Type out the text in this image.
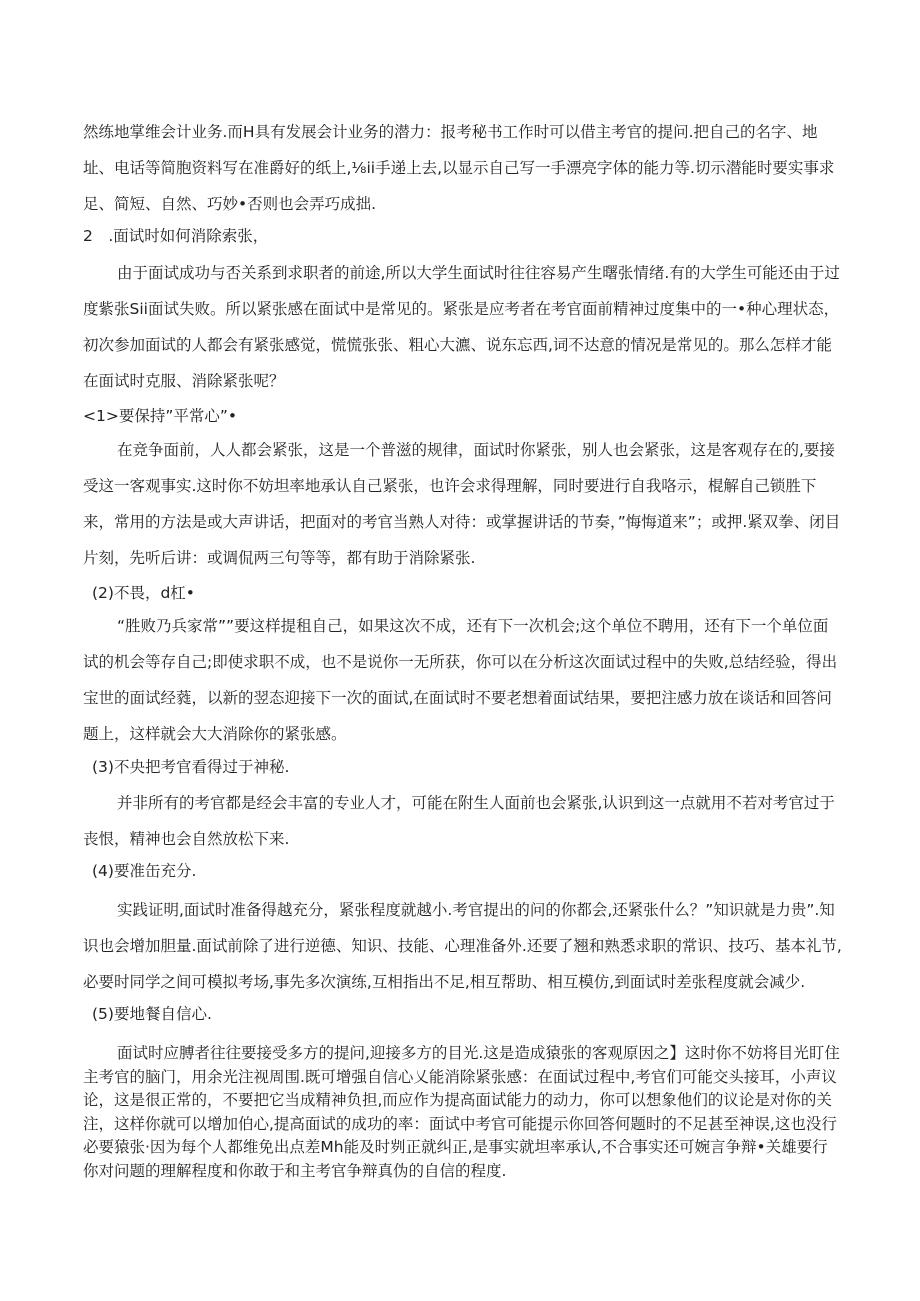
然练地掌维会计业务.而H具有发展会计业务的潜力：报考秘书工作时可以借主考官的提问.把自己的名字、地址、电话等简胞资料写在准爵好的纸上,⅛ii手递上去,以显示自己写一手漂亮字体的能力等.切示潜能时要实事求足、简短、自然、巧妙•否则也会弄巧成拙.

2　.面试时如何消除索张，

由于面试成功与否关系到求职者的前途,所以大学生面试时往往容易产生曙张情绪.有的大学生可能还由于过度紫张Sii面试失败。所以紧张感在面试中是常见的。紧张是应考者在考官面前精神过度集中的一•种心理状态，初次参加面试的人都会有紧张感觉，慌慌张张、粗心大瀌、说东忘西,词不达意的情况是常见的。那么怎样才能在面试时克服、消除紧张呢？

<1>要保持”平常心”•

在竞争面前，人人都会紧张，这是一个普滋的规律，面试时你紧张，别人也会紧张，这是客观存在的,要接受这一客观事实.这时你不妨坦率地承认自己紧张，也许会求得理解，同时要进行自我咯示，棍解自己锁胜下来，常用的方法是或大声讲话，把面对的考官当熟人对待：或掌握讲话的节奏，”悔悔道来”；或押.紧双拳、闭目片刻，先听后讲：或调侃两三句等等，都有助于消除紧张.

(2)不畏，d杠•

“胜败乃兵家常””要这样提租自己，如果这次不成，还有下一次机会;这个单位不聘用，还有下一个单位面试的机会等存自己;即使求职不成，也不是说你一无所获，你可以在分析这次面试过程中的失败,总结经验，得出宝世的面试经蕤，以新的翌态迎接下一次的面试,在面试时不要老想着面试结果，要把注感力放在谈话和回答问题上，这样就会大大消除你的紧张感。

(3)不央把考官看得过于神秘.

并非所有的考官都是经会丰富的专业人才，可能在附生人面前也会紧张,认识到这一点就用不若对考官过于丧恨，精神也会自然放松下来.

(4)要准缶充分.

实践证明,面试时准备得越充分，紧张程度就越小.考官提出的问的你都会,还紧张什么？”知识就是力贵”.知识也会增加胆量.面试前除了进行逆德、知识、技能、心理准备外.还要了翘和熟悉求职的常识、技巧、基本礼节,必要时同学之间可模拟考场,事先多次演练,互相指出不足,相互帮助、相互模仿,到面试时差张程度就会减少.

(5)要地餐自信心.

面试时应膊者往往要接受多方的提问,迎接多方的目光.这是造成猿张的客观原因之】这时你不妨将目光盯住主考官的脑门，用余光注视周围.既可增强自信心乂能消除紧张感：在面试过程中,考官们可能交头接耳，小声议论，这是很正常的，不要把它当成精神负担,而应作为提高面试能力的动力，你可以想象他们的议论是对你的关注，这样你就可以增加伯心,提高面试的成功的率：面试中考官可能提示你回答何题时的不足甚至神误,这也没行必要猿张·因为每个人都维免出点差Mh能及时刿正就纠正,是事实就坦率承认,不合事实还可婉言争辩•关雄要行你对问题的理解程度和你敢于和主考官争辩真伪的自信的程度.
